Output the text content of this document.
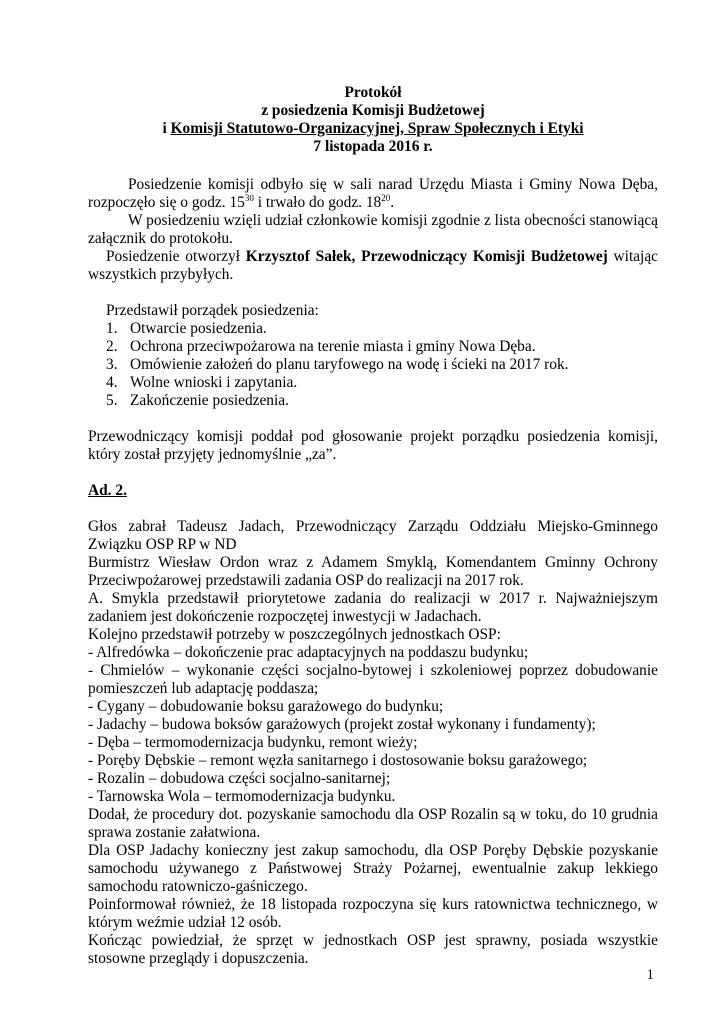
Protokół
z posiedzenia Komisji Budżetowej
i Komisji Statutowo-Organizacyjnej, Spraw Społecznych i Etyki
7 listopada 2016 r.

Posiedzenie komisji odbyło się w sali narad Urzędu Miasta i Gminy Nowa Dęba, rozpoczęło się o godz. $15^{30}$ i trwało do godz. $18^{20}$.

W posiedzeniu wzięli udział członkowie komisji zgodnie z lista obecności stanowiącą załącznik do protokołu.

Posiedzenie otworzył Krzysztof Sałek, Przewodniczący Komisji Budżetowej witając wszystkich przybyłych.

Przedstawił porządek posiedzenia:

1. Otwarcie posiedzenia.
2. Ochrona przeciwpożarowa na terenie miasta i gminy Nowa Dęba.
3. Omówienie założeń do planu taryfowego na wodę i ścieki na 2017 rok.
4. Wolne wnioski i zapytania.
5. Zakończenie posiedzenia.

Przewodniczący komisji poddał pod głosowanie projekt porządku posiedzenia komisji, który został przyjęty jednomyślnie „za”.

Ad. 2.

Głos zabrał Tadeusz Jadach, Przewodniczący Zarządu Oddziału Miejsko-Gminnego Związku OSP RP w ND

Burmistrz Wiesław Ordon wraz z Adamem Smyklą, Komendantem Gminny Ochrony Przeciwpożarowej przedstawili zadania OSP do realizacji na 2017 rok.

A. Smykla przedstawił priorytetowe zadania do realizacji w 2017 r. Najważniejszym zadaniem jest dokończenie rozpoczętej inwestycji w Jadachach.

Kolejno przedstawił potrzeby w poszczególnych jednostkach OSP:

- Alfredówka – dokończenie prac adaptacyjnych na poddaszu budynku;
- Chmielów – wykonanie części socjalno-bytowej i szkoleniowej poprzez dobudowanie pomieszczeń lub adaptację poddasza;
- Cygany – dobudowanie boksu garażowego do budynku;
- Jadachy – budowa boksów garażowych (projekt został wykonany i fundamenty);
- Dęba – termomodernizacja budynku, remont wieży;
- Poręby Dębskie – remont węzła sanitarnego i dostosowanie boksu garażowego;
- Rozalin – dobudowa części socjalno-sanitarnej;
- Tarnowska Wola – termomodernizacja budynku.

Dodał, że procedury dot. pozyskanie samochodu dla OSP Rozalin są w toku, do 10 grudnia sprawa zostanie załatwiona.

Dla OSP Jadachy konieczny jest zakup samochodu, dla OSP Poręby Dębskie pozyskanie samochodu używanego z Państwowej Straży Pożarnej, ewentualnie zakup lekkiego samochodu ratowniczo-gaśniczego.

Poinformował również, że 18 listopada rozpoczyna się kurs ratownictwa technicznego, w którym weźmie udział 12 osób.

Kończąc powiedział, że sprzęt w jednostkach OSP jest sprawny, posiada wszystkie stosowne przeglądy i dopuszczenia.

1
